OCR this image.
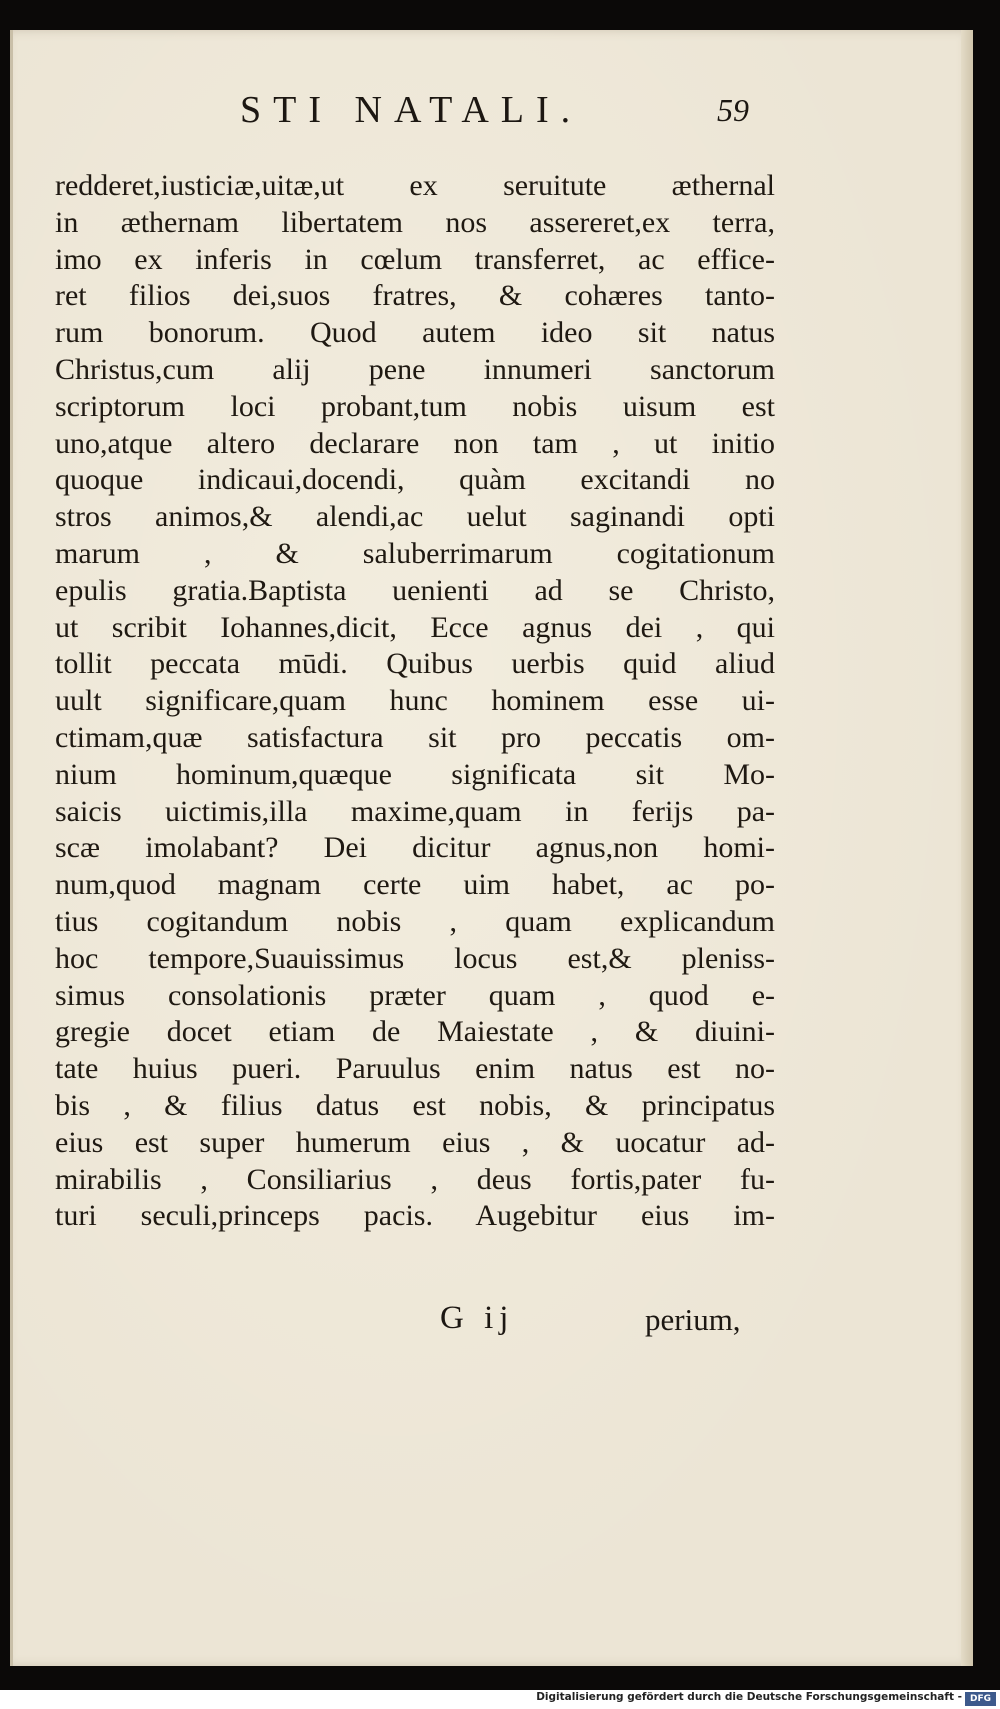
STI NATALI.	59
redderet,iusticiæ,uitæ,ut ex seruitute æthernal
in æthernam libertatem nos assereret,ex terra,
imo ex inferis in cœlum transferret, ac effice-
ret filios dei,suos fratres, & cohæres tanto-
rum bonorum. Quod autem ideo sit natus
Christus,cum alij pene innumeri sanctorum
scriptorum loci probant,tum nobis uisum est
uno,atque altero declarare non tam , ut initio
quoque indicaui,docendi, quàm excitandi no
stros animos,& alendi,ac uelut saginandi opti
marum , & saluberrimarum cogitationum
epulis gratia.Baptista uenienti ad se Christo,
ut scribit Iohannes,dicit, Ecce agnus dei , qui
tollit peccata mūdi. Quibus uerbis quid aliud
uult significare,quam hunc hominem esse ui-
ctimam,quæ satisfactura sit pro peccatis om-
nium hominum,quæque significata sit Mo-
saicis uictimis,illa maxime,quam in ferijs pa-
scæ imolabant? Dei dicitur agnus,non homi-
num,quod magnam certe uim habet, ac po-
tius cogitandum nobis , quam explicandum
hoc tempore,Suauissimus locus est,& pleniss-
simus consolationis præter quam , quod e-
gregie docet etiam de Maiestate , & diuini-
tate huius pueri. Paruulus enim natus est no-
bis , & filius datus est nobis, & principatus
eius est super humerum eius , & uocatur ad-
mirabilis , Consiliarius , deus fortis,pater fu-
turi seculi,princeps pacis. Augebitur eius im-
G ij	perium,
Digitalisierung gefördert durch die Deutsche Forschungsgemeinschaft - DFG
